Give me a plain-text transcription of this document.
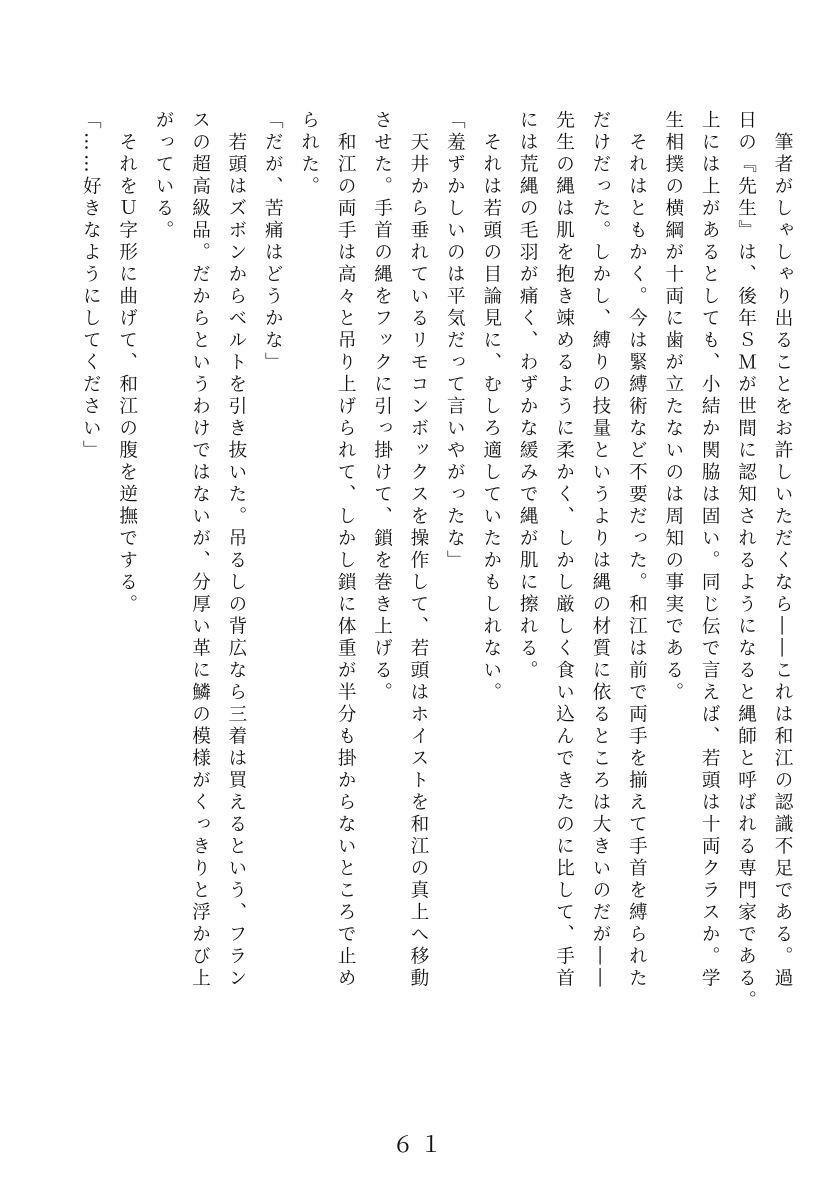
　筆者がしゃしゃり出ることをお許しいただくなら――これは和江の認識不足である。過
日の『先生』は、後年ＳＭが世間に認知されるようになると縄師と呼ばれる専門家である。
上には上があるとしても、小結か関脇は固い。同じ伝で言えば、若頭は十両クラスか。学
生相撲の横綱が十両に歯が立たないのは周知の事実である。
　それはともかく。今は緊縛術など不要だった。和江は前で両手を揃えて手首を縛られた
だけだった。しかし、縛りの技量というよりは縄の材質に依るところは大きいのだが――
先生の縄は肌を抱き竦めるように柔かく、しかし厳しく食い込んできたのに比して、手首
には荒縄の毛羽が痛く、わずかな緩みで縄が肌に擦れる。
　それは若頭の目論見に、むしろ適していたかもしれない。
「羞ずかしいのは平気だって言いやがったな」
　天井から垂れているリモコンボックスを操作して、若頭はホイストを和江の真上へ移動
させた。手首の縄をフックに引っ掛けて、鎖を巻き上げる。
　和江の両手は高々と吊り上げられて、しかし鎖に体重が半分も掛からないところで止め
られた。
「だが、苦痛はどうかな」
　若頭はズボンからベルトを引き抜いた。吊るしの背広なら三着は買えるという、フラン
スの超高級品。だからというわけではないが、分厚い革に鱗の模様がくっきりと浮かび上
がっている。
　それをＵ字形に曲げて、和江の腹を逆撫でする。
「……好きなようにしてください」
６１
